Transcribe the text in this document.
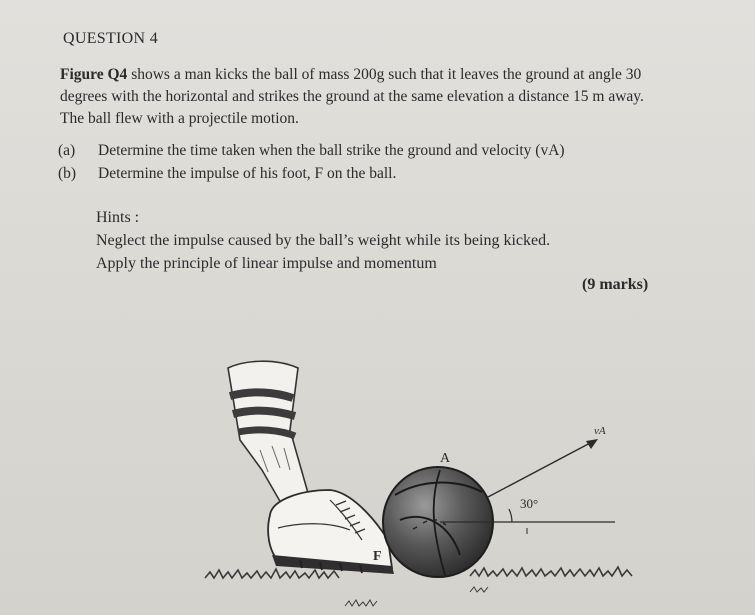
QUESTION 4
Figure Q4 shows a man kicks the ball of mass 200g such that it leaves the ground at angle 30
degrees with the horizontal and strikes the ground at the same elevation a distance 15 m away.
The ball flew with a projectile motion.
(a) Determine the time taken when the ball strike the ground and velocity (vA)
(b) Determine the impulse of his foot, F on the ball.
Hints :
Neglect the impulse caused by the ball’s weight while its being kicked.
Apply the principle of linear impulse and momentum
(9 marks)
F
A
30°
vA
